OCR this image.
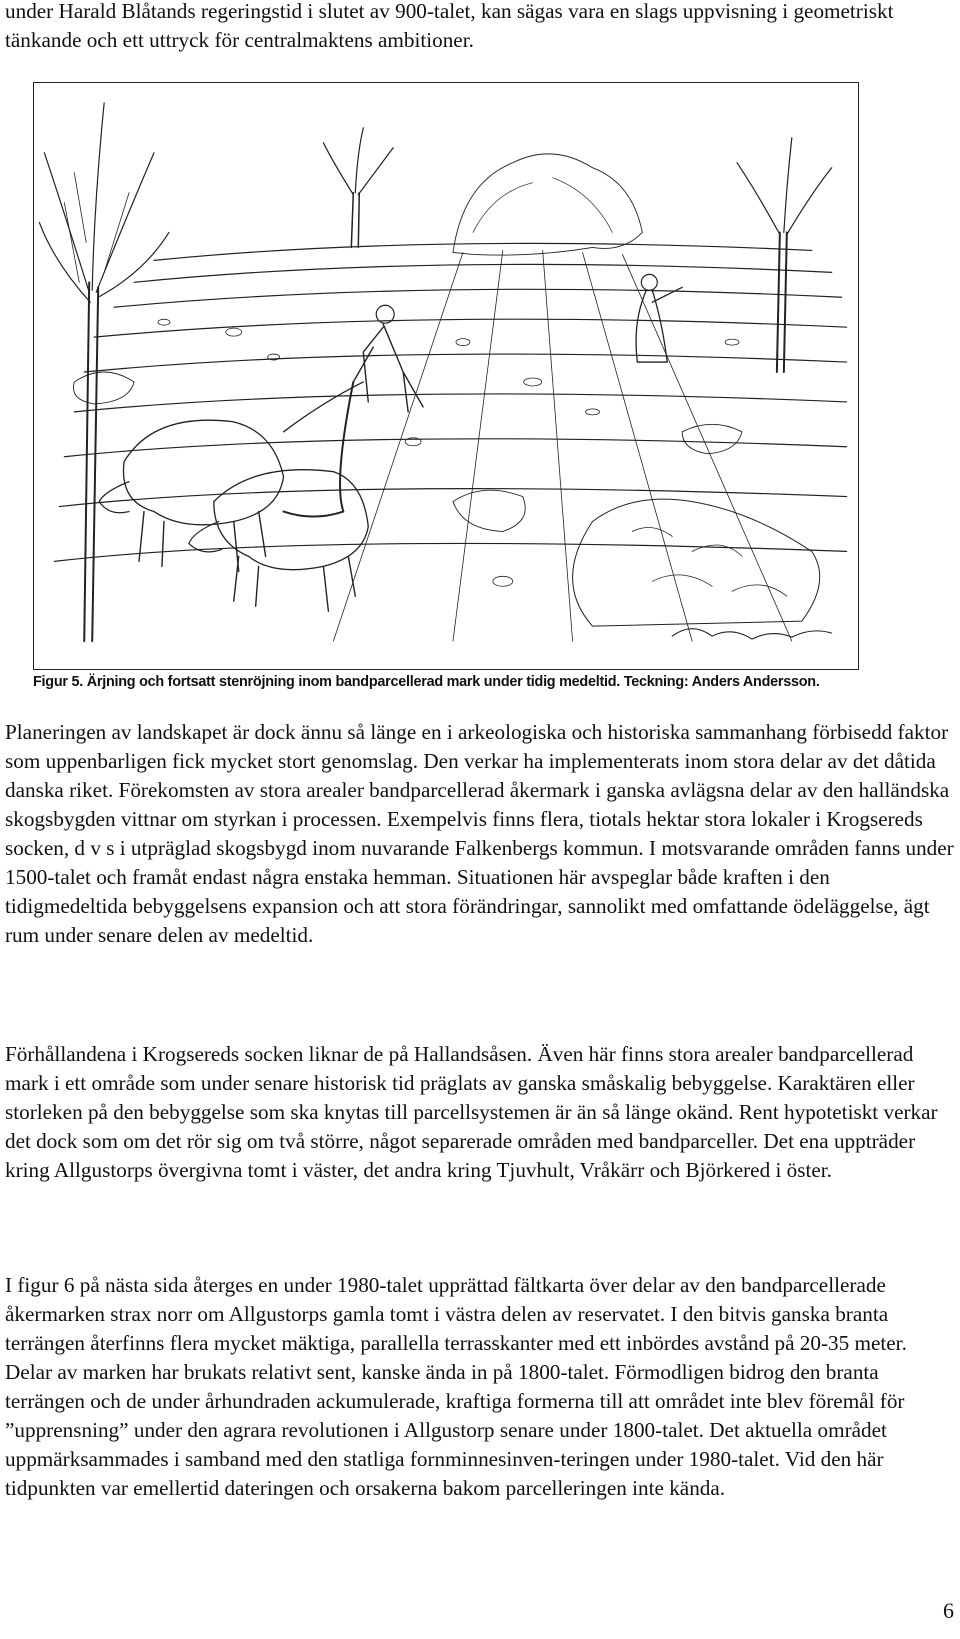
under Harald Blåtands regeringstid i slutet av 900-talet, kan sägas vara en slags uppvisning i geometriskt tänkande och ett uttryck för centralmaktens ambitioner.

Figur 5. Ärjning och fortsatt stenröjning inom bandparcellerad mark under tidig medeltid. Teckning: Anders Andersson.

Planeringen av landskapet är dock ännu så länge en i arkeologiska och historiska sammanhang förbisedd faktor som uppenbarligen fick mycket stort genomslag. Den verkar ha implementerats inom stora delar av det dåtida danska riket. Förekomsten av stora arealer bandparcellerad åkermark i ganska avlägsna delar av den halländska skogsbygden vittnar om styrkan i processen. Exempelvis finns flera, tiotals hektar stora lokaler i Krogsereds socken, d v s i utpräglad skogsbygd inom nuvarande Falkenbergs kommun. I motsvarande områden fanns under 1500-talet och framåt endast några enstaka hemman. Situationen här avspeglar både kraften i den tidigmedeltida bebyggelsens expansion och att stora förändringar, sannolikt med omfattande ödeläggelse, ägt rum under senare delen av medeltid.

Förhållandena i Krogsereds socken liknar de på Hallandsåsen. Även här finns stora arealer bandparcellerad mark i ett område som under senare historisk tid präglats av ganska småskalig bebyggelse. Karaktären eller storleken på den bebyggelse som ska knytas till parcellsystemen är än så länge okänd. Rent hypotetiskt verkar det dock som om det rör sig om två större, något separerade områden med bandparceller. Det ena uppträder kring Allgustorps övergivna tomt i väster, det andra kring Tjuvhult, Vråkärr och Björkered i öster.

I figur 6 på nästa sida återges en under 1980-talet upprättad fältkarta över delar av den bandparcellerade åkermarken strax norr om Allgustorps gamla tomt i västra delen av reservatet. I den bitvis ganska branta terrängen återfinns flera mycket mäktiga, parallella terrasskanter med ett inbördes avstånd på 20-35 meter. Delar av marken har brukats relativt sent, kanske ända in på 1800-talet. Förmodligen bidrog den branta terrängen och de under århundraden ackumulerade, kraftiga formerna till att området inte blev föremål för ”upprensning” under den agrara revolutionen i Allgustorp senare under 1800-talet. Det aktuella området uppmärksammades i samband med den statliga fornminnesinven-teringen under 1980-talet. Vid den här tidpunkten var emellertid dateringen och orsakerna bakom parcelleringen inte kända.

6
